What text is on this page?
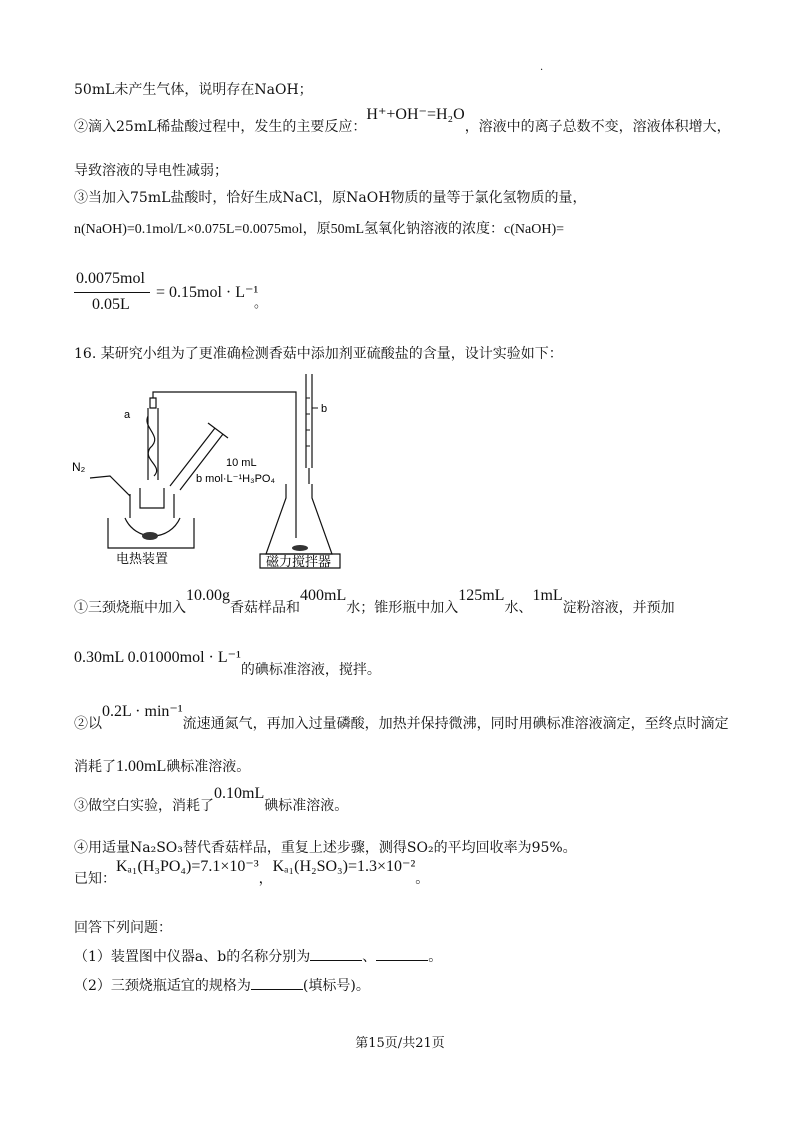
.
50mL未产生气体，说明存在NaOH；
②滴入25mL稀盐酸过程中，发生的主要反应：H⁺+OH⁻=H₂O，溶液中的离子总数不变，溶液体积增大，
导致溶液的导电性减弱；
③当加入75mL盐酸时，恰好生成NaCl，原NaOH物质的量等于氯化氢物质的量，
n(NaOH)=0.1mol/L×0.075L=0.0075mol，原50mL氢氧化钠溶液的浓度：c(NaOH)=
0.0075mol
0.05L
= 0.15mol · L⁻¹
。
16. 某研究小组为了更准确检测香菇中添加剂亚硫酸盐的含量，设计实验如下：
a	b
N₂	10 mL
b mol·L⁻¹H₃PO₄
电热装置	磁力搅拌器
①三颈烧瓶中加入10.00g香菇样品和400mL水；锥形瓶中加入125mL水、1mL淀粉溶液，并预加
0.30mL 0.01000mol · L⁻¹的碘标准溶液，搅拌。
②以0.2L · min⁻¹流速通氮气，再加入过量磷酸，加热并保持微沸，同时用碘标准溶液滴定，至终点时滴定
消耗了1.00mL碘标准溶液。
③做空白实验，消耗了0.10mL碘标准溶液。
④用适量Na₂SO₃替代香菇样品，重复上述步骤，测得SO₂的平均回收率为95%。
已知：Kₐ₁(H₃PO₄)=7.1×10⁻³，Kₐ₁(H₂SO₃)=1.3×10⁻²。
回答下列问题：
（1）装置图中仪器a、b的名称分别为	、	。
（2）三颈烧瓶适宜的规格为	(填标号)。
第15页/共21页
